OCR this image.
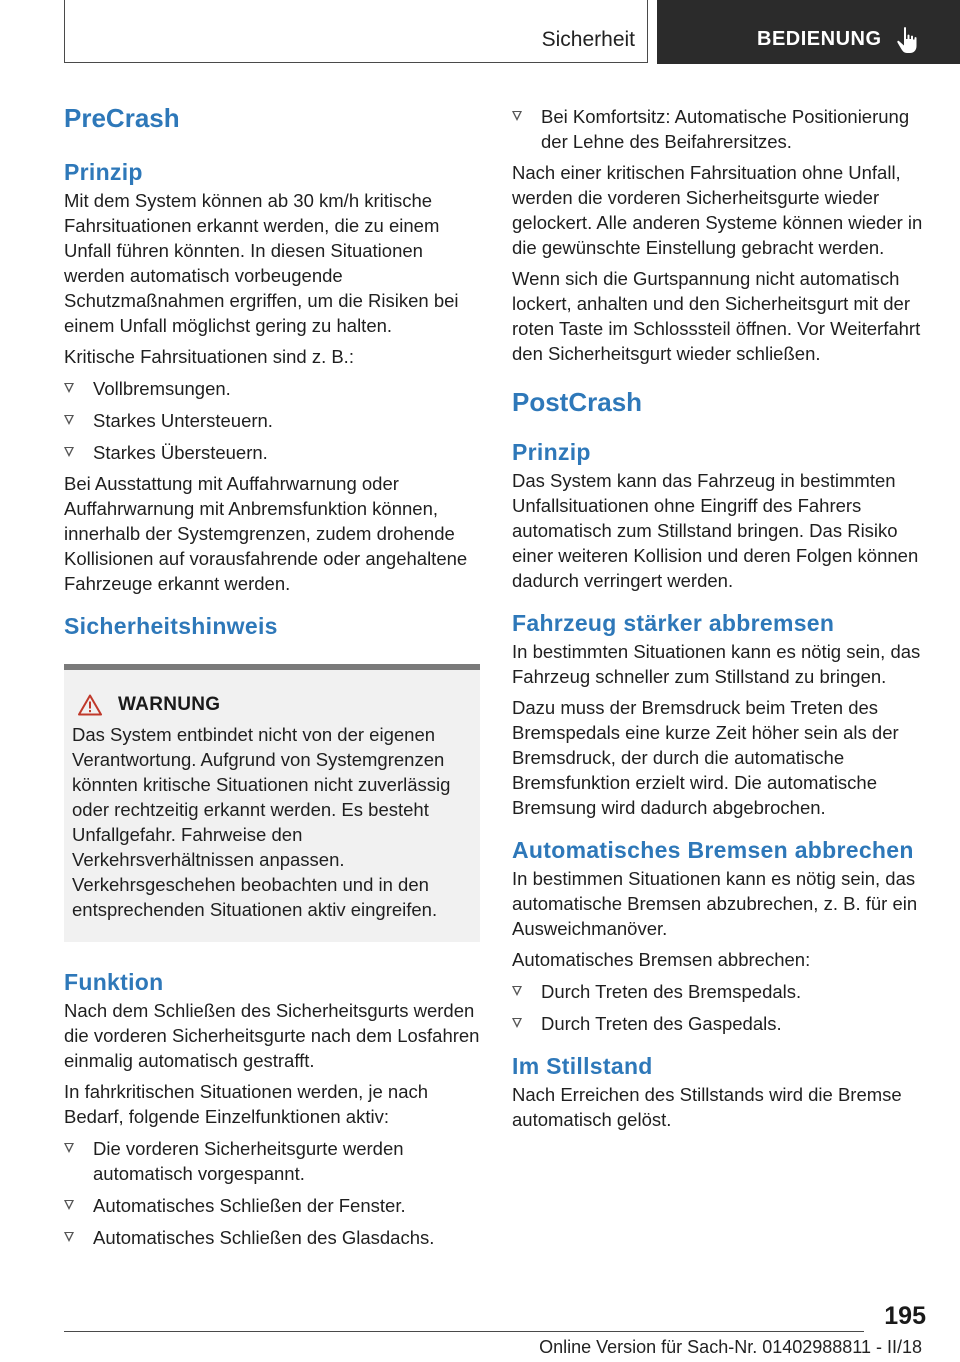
Sicherheit	BEDIENUNG
PreCrash
Prinzip

Mit dem System können ab 30 km/h kritische Fahrsituationen erkannt werden, die zu einem Unfall führen könnten. In diesen Situationen werden automatisch vorbeugende Schutzmaßnahmen ergriffen, um die Risiken bei einem Unfall möglichst gering zu halten.

Kritische Fahrsituationen sind z. B.:

Vollbremsungen.
Starkes Untersteuern.
Starkes Übersteuern.

Bei Ausstattung mit Auffahrwarnung oder Auffahrwarnung mit Anbremsfunktion können, innerhalb der Systemgrenzen, zudem drohende Kollisionen auf vorausfahrende oder angehaltene Fahrzeuge erkannt werden.

Sicherheitshinweis
WARNUNG

Das System entbindet nicht von der eigenen Verantwortung. Aufgrund von Systemgrenzen könnten kritische Situationen nicht zuverlässig oder rechtzeitig erkannt werden. Es besteht Unfallgefahr. Fahrweise den Verkehrsverhältnissen anpassen. Verkehrsgeschehen beobachten und in den entsprechenden Situationen aktiv eingreifen.

Funktion

Nach dem Schließen des Sicherheitsgurts werden die vorderen Sicherheitsgurte nach dem Losfahren einmalig automatisch gestrafft.

In fahrkritischen Situationen werden, je nach Bedarf, folgende Einzelfunktionen aktiv:

Die vorderen Sicherheitsgurte werden automatisch vorgespannt.
Automatisches Schließen der Fenster.
Automatisches Schließen des Glasdachs.
Bei Komfortsitz: Automatische Positionierung der Lehne des Beifahrersitzes.

Nach einer kritischen Fahrsituation ohne Unfall, werden die vorderen Sicherheitsgurte wieder gelockert. Alle anderen Systeme können wieder in die gewünschte Einstellung gebracht werden.

Wenn sich die Gurtspannung nicht automatisch lockert, anhalten und den Sicherheitsgurt mit der roten Taste im Schlosssteil öffnen. Vor Weiterfahrt den Sicherheitsgurt wieder schließen.

PostCrash
Prinzip

Das System kann das Fahrzeug in bestimmten Unfallsituationen ohne Eingriff des Fahrers automatisch zum Stillstand bringen. Das Risiko einer weiteren Kollision und deren Folgen können dadurch verringert werden.

Fahrzeug stärker abbremsen

In bestimmten Situationen kann es nötig sein, das Fahrzeug schneller zum Stillstand zu bringen.

Dazu muss der Bremsdruck beim Treten des Bremspedals eine kurze Zeit höher sein als der Bremsdruck, der durch die automatische Bremsfunktion erzielt wird. Die automatische Bremsung wird dadurch abgebrochen.

Automatisches Bremsen abbrechen

In bestimmen Situationen kann es nötig sein, das automatische Bremsen abzubrechen, z. B. für ein Ausweichmanöver.

Automatisches Bremsen abbrechen:

Durch Treten des Bremspedals.
Durch Treten des Gaspedals.
Im Stillstand

Nach Erreichen des Stillstands wird die Bremse automatisch gelöst.

195
Online Version für Sach-Nr. 01402988811 - II/18
